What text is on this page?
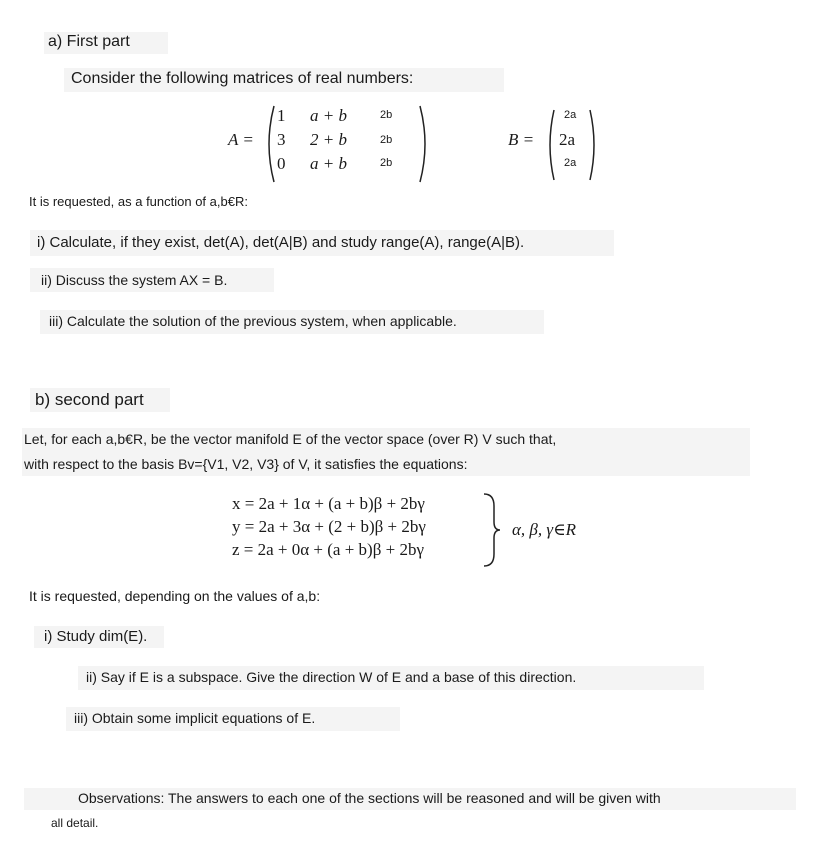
a) First part
Consider the following matrices of real numbers:
A =
1 a + b	2b
3 2 + b	2b
0 a + b	2b
B =
2a
2a
2a
It is requested, as a function of a,b€R:
i) Calculate, if they exist, det(A), det(A|B) and study range(A), range(A|B).
ii) Discuss the system AX = B.
iii) Calculate the solution of the previous system, when applicable.
b) second part
Let, for each a,b€R, be the vector manifold E of the vector space (over R) V such that,
with respect to the basis Bv={V1, V2, V3} of V, it satisfies the equations:
x = 2a + 1α + (a + b)β + 2bγ
y = 2a + 3α + (2 + b)β + 2bγ
z = 2a + 0α + (a + b)β + 2bγ
α, β, γ∈R
It is requested, depending on the values of a,b:
i) Study dim(E).
ii) Say if E is a subspace. Give the direction W of E and a base of this direction.
iii) Obtain some implicit equations of E.
Observations: The answers to each one of the sections will be reasoned and will be given with
all detail.
